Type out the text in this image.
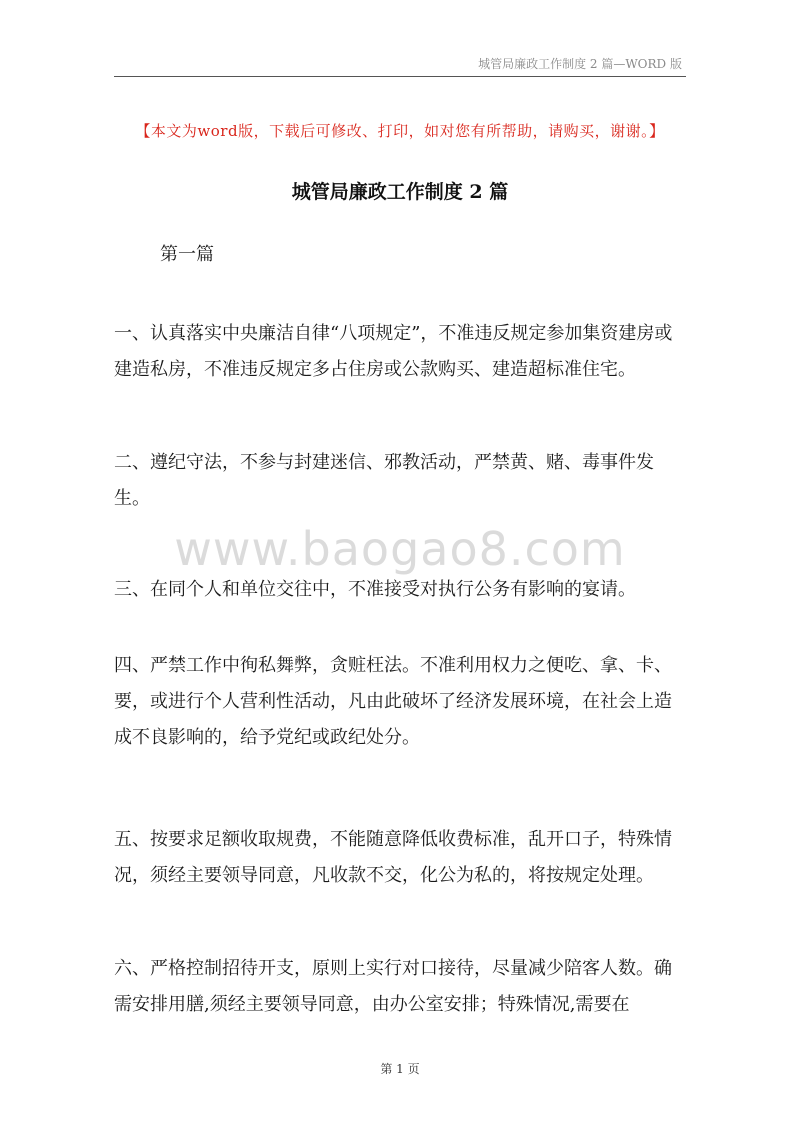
城管局廉政工作制度 2 篇—WORD 版
【本文为word版，下载后可修改、打印，如对您有所帮助，请购买，谢谢。】
城管局廉政工作制度 2 篇
第一篇

一、认真落实中央廉洁自律“八项规定”，不准违反规定参加集资建房或建造私房，不准违反规定多占住房或公款购买、建造超标准住宅。

二、遵纪守法，不参与封建迷信、邪教活动，严禁黄、赌、毒事件发生。

三、在同个人和单位交往中，不准接受对执行公务有影响的宴请。

四、严禁工作中徇私舞弊，贪赃枉法。不准利用权力之便吃、拿、卡、要，或进行个人营利性活动，凡由此破坏了经济发展环境，在社会上造成不良影响的，给予党纪或政纪处分。

五、按要求足额收取规费，不能随意降低收费标准，乱开口子，特殊情况，须经主要领导同意，凡收款不交，化公为私的，将按规定处理。

六、严格控制招待开支，原则上实行对口接待，尽量减少陪客人数。确需安排用膳,须经主要领导同意，由办公室安排；特殊情况,需要在

www.baogao8.com
第 1 页
